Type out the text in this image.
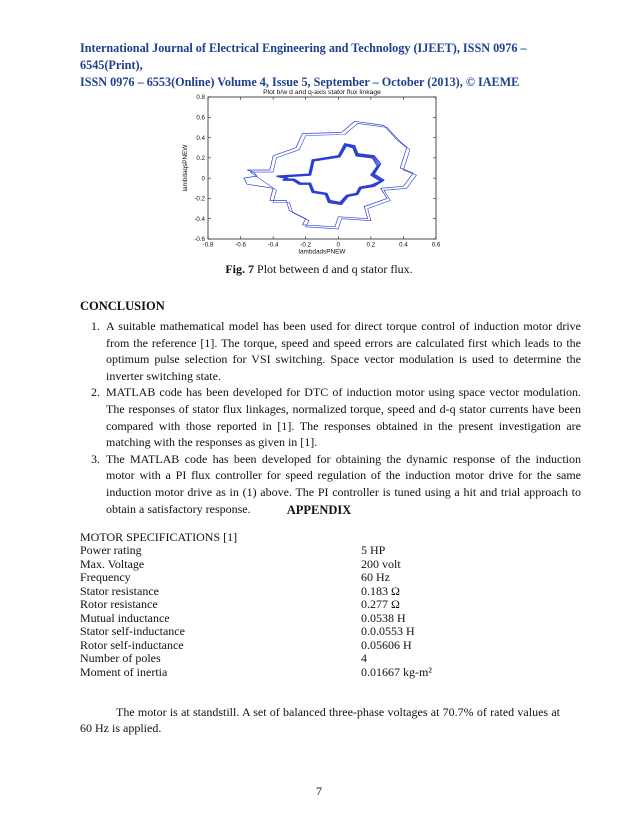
International Journal of Electrical Engineering and Technology (IJEET), ISSN 0976 – 6545(Print),
ISSN 0976 – 6553(Online) Volume 4, Issue 5, September – October (2013), © IAEME
Plot b/w d and q-axis stator flux linkage
-0.8	-0.6	-0.4	-0.2	0	0.2	0.4	0.6
0.8
0.6
0.4
0.2
0
-0.2
-0.4
-0.6
lambdadsPNEW
lambdaqsPNEW
Fig. 7 Plot between d and q stator flux.
CONCLUSION
1. A suitable mathematical model has been used for direct torque control of induction motor drive from the reference [1]. The torque, speed and speed errors are calculated first which leads to the optimum pulse selection for VSI switching. Space vector modulation is used to determine the inverter switching state.
2. MATLAB code has been developed for DTC of induction motor using space vector modulation. The responses of stator flux linkages, normalized torque, speed and d-q stator currents have been compared with those reported in [1]. The responses obtained in the present investigation are matching with the responses as given in [1].
3. The MATLAB code has been developed for obtaining the dynamic response of the induction motor with a PI flux controller for speed regulation of the induction motor drive for the same induction motor drive as in (1) above. The PI controller is tuned using a hit and trial approach to obtain a satisfactory response.	APPENDIX
MOTOR SPECIFICATIONS [1]
Power rating	5 HP
Max. Voltage	200 volt
Frequency	60 Hz
Stator resistance	0.183 Ω
Rotor resistance	0.277 Ω
Mutual inductance	0.0538 H
Stator self-inductance	0.0.0553 H
Rotor self-inductance	0.05606 H
Number of poles	4
Moment of inertia	0.01667 kg-m²
The motor is at standstill. A set of balanced three-phase voltages at 70.7% of rated values at 60 Hz is applied.
7
